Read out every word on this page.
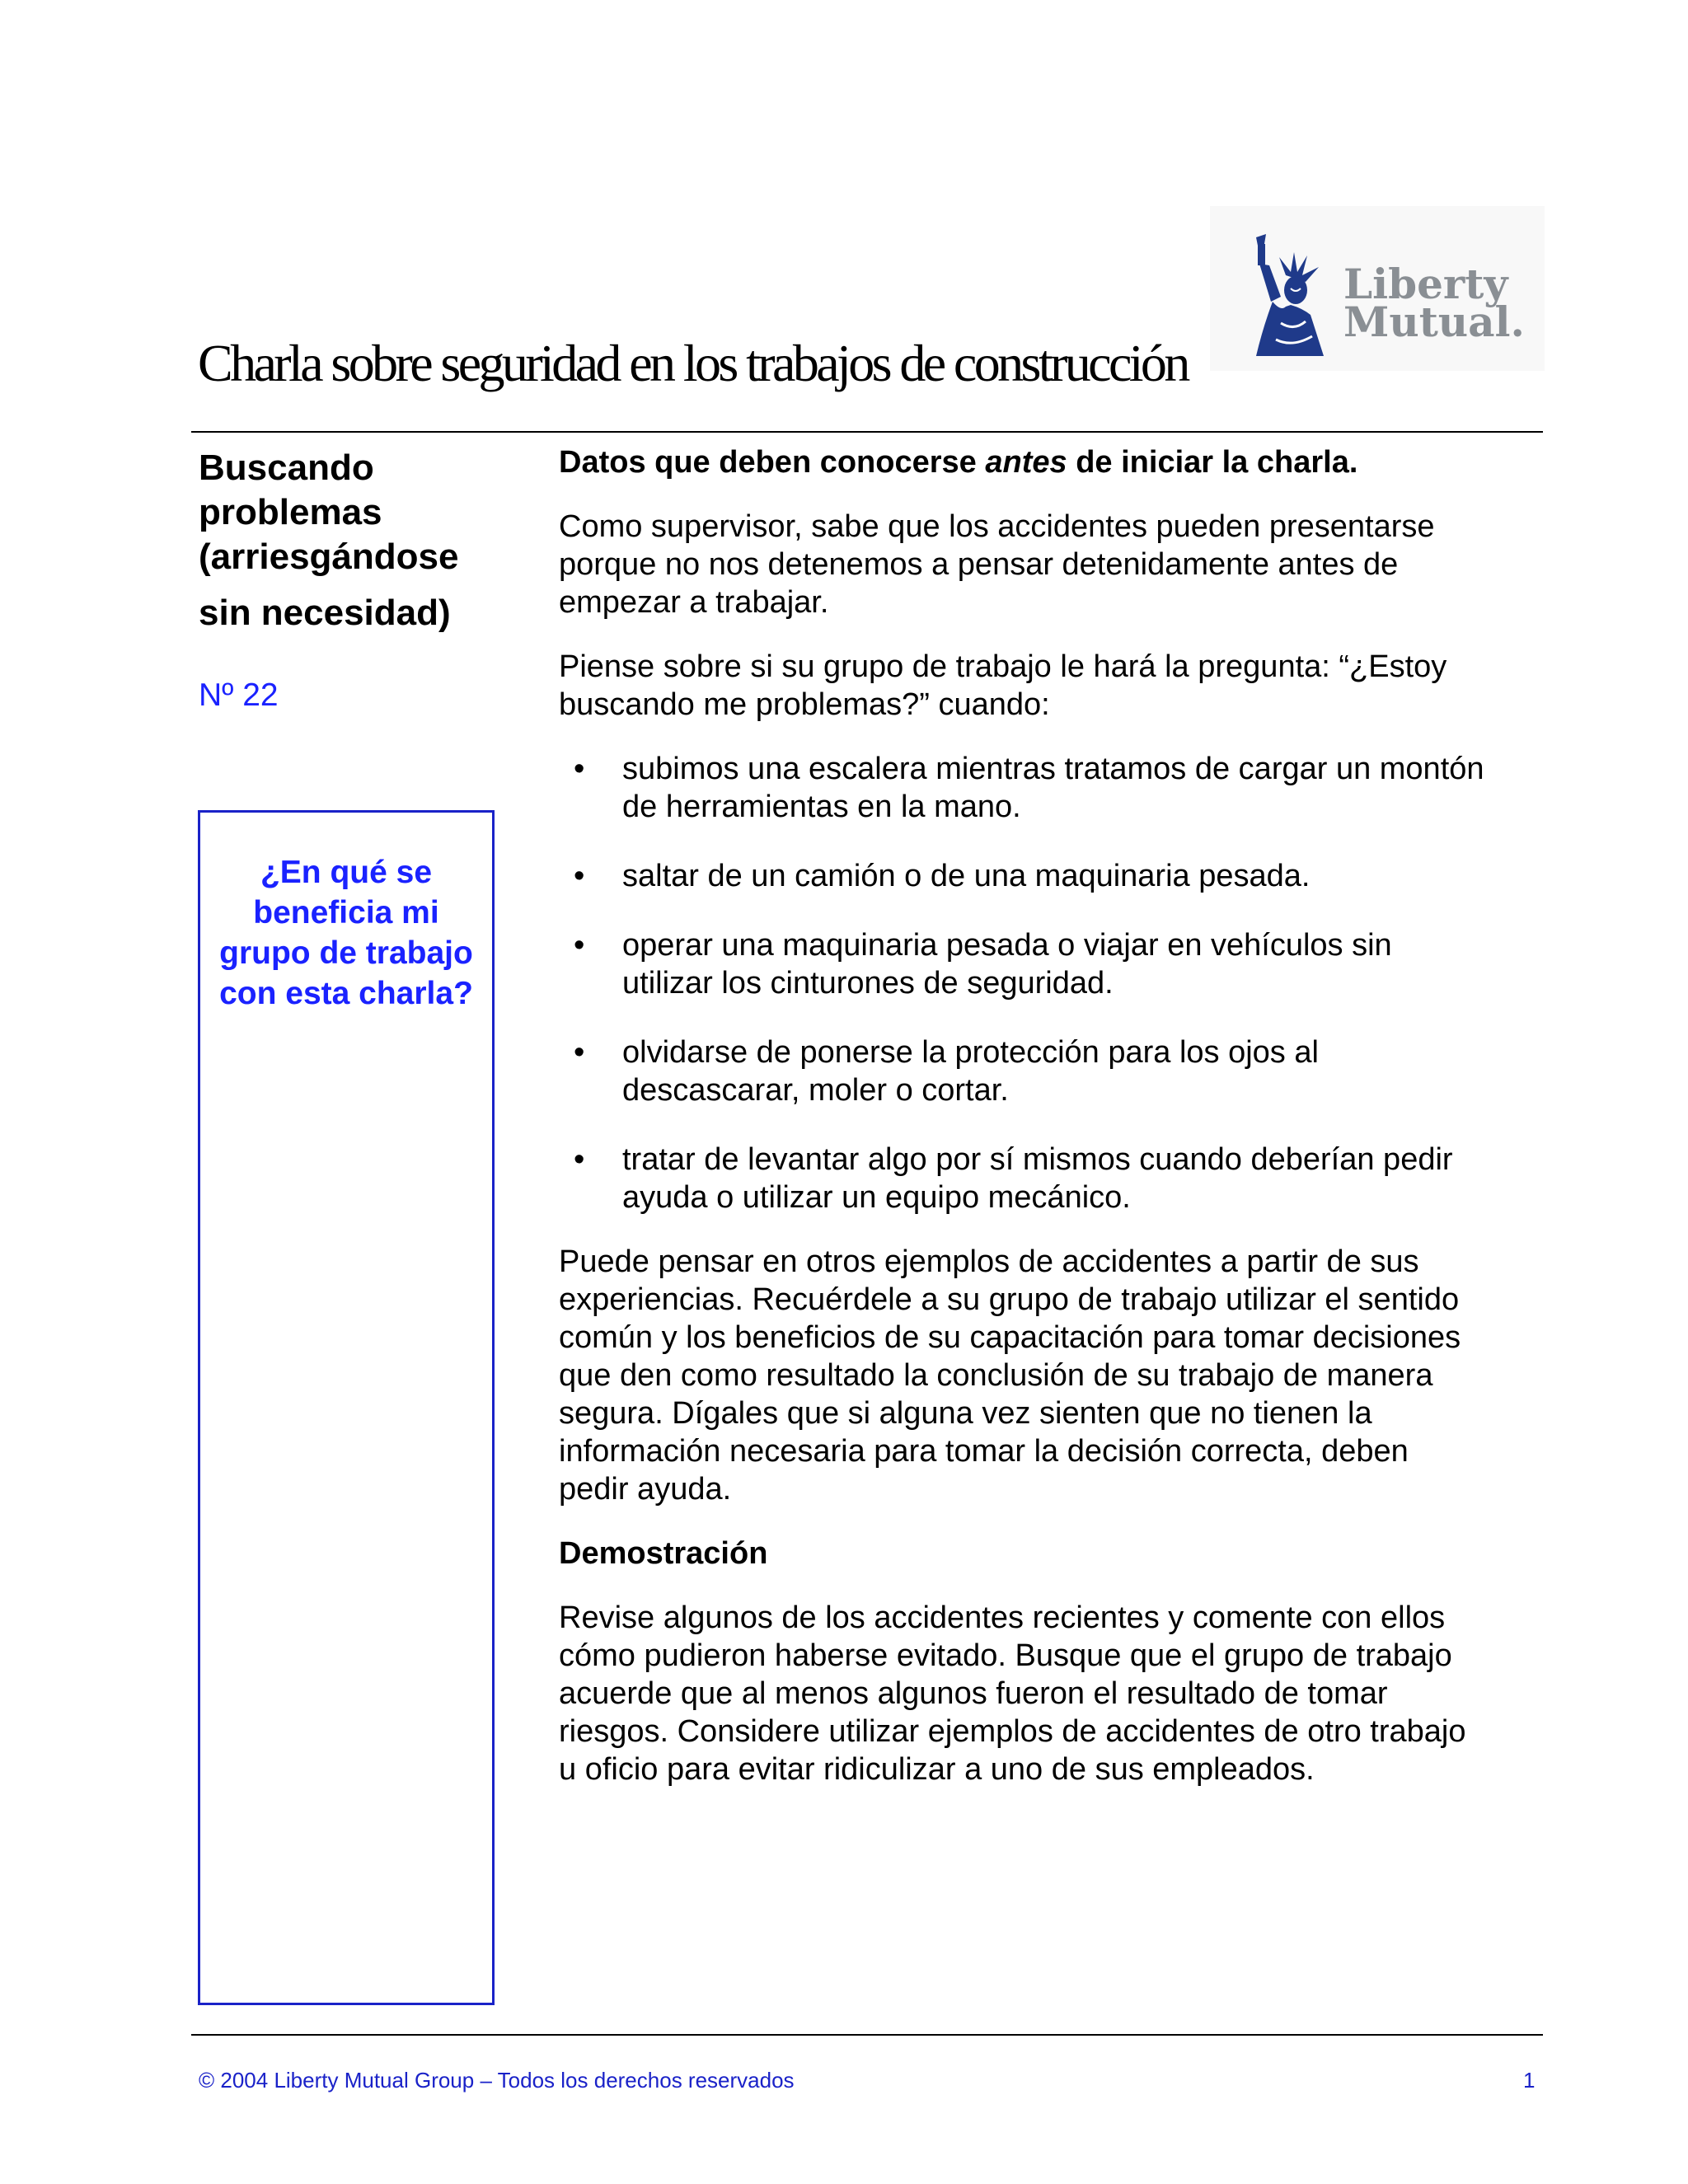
Liberty
Mutual.
Charla sobre seguridad en los trabajos de construcción
Buscando
problemas
(arriesgándose
sin necesidad)
Nº 22
¿En qué se
beneficia mi
grupo de trabajo
con esta charla?

Datos que deben conocerse antes de iniciar la charla.

Como supervisor, sabe que los accidentes pueden presentarse
porque no nos detenemos a pensar detenidamente antes de
empezar a trabajar.

Piense sobre si su grupo de trabajo le hará la pregunta: “¿Estoy
buscando me problemas?” cuando:

• subimos una escalera mientras tratamos de cargar un montón
de herramientas en la mano.
• saltar de un camión o de una maquinaria pesada.
• operar una maquinaria pesada o viajar en vehículos sin
utilizar los cinturones de seguridad.
• olvidarse de ponerse la protección para los ojos al
descascarar, moler o cortar.
• tratar de levantar algo por sí mismos cuando deberían pedir
ayuda o utilizar un equipo mecánico.

Puede pensar en otros ejemplos de accidentes a partir de sus
experiencias. Recuérdele a su grupo de trabajo utilizar el sentido
común y los beneficios de su capacitación para tomar decisiones
que den como resultado la conclusión de su trabajo de manera
segura. Dígales que si alguna vez sienten que no tienen la
información necesaria para tomar la decisión correcta, deben
pedir ayuda.

Demostración

Revise algunos de los accidentes recientes y comente con ellos
cómo pudieron haberse evitado. Busque que el grupo de trabajo
acuerde que al menos algunos fueron el resultado de tomar
riesgos. Considere utilizar ejemplos de accidentes de otro trabajo
u oficio para evitar ridiculizar a uno de sus empleados.

© 2004 Liberty Mutual Group – Todos los derechos reservados	1
